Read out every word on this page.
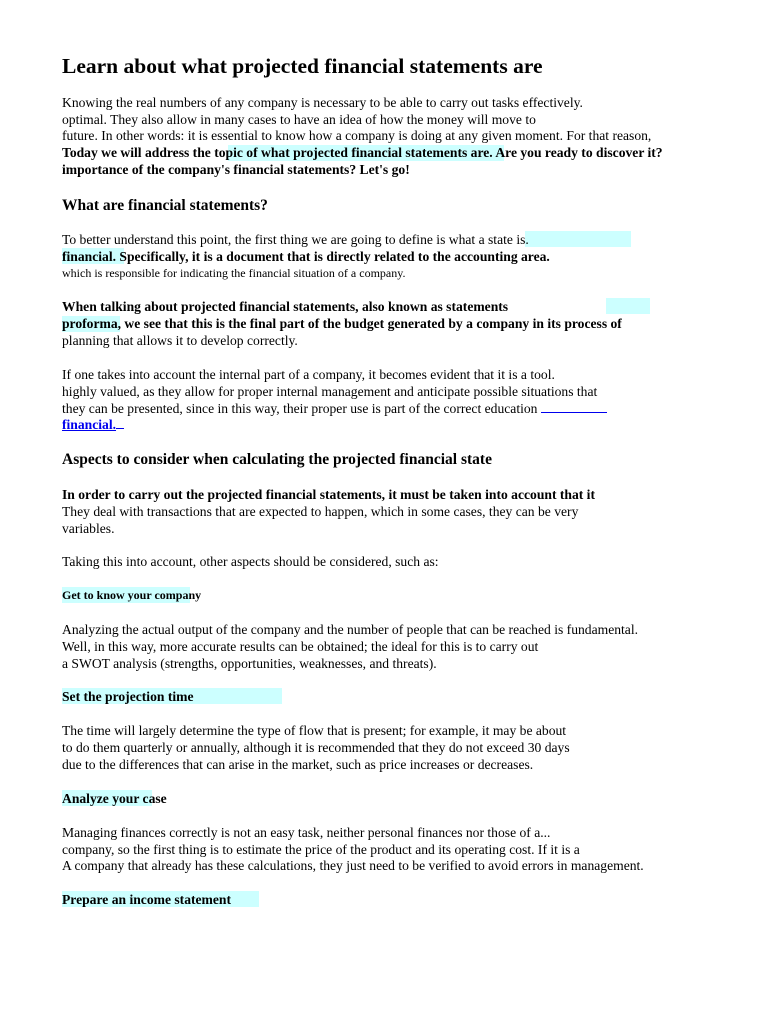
Learn about what projected financial statements are
Knowing the real numbers of any company is necessary to be able to carry out tasks effectively.
optimal. They also allow in many cases to have an idea of how the money will move to
future. In other words: it is essential to know how a company is doing at any given moment. For that reason,
Today we will address the topic of what projected financial statements are. Are you ready to discover it?
importance of the company's financial statements? Let's go!
What are financial statements?
To better understand this point, the first thing we are going to define is what a state is.
financial. Specifically, it is a document that is directly related to the accounting area.
which is responsible for indicating the financial situation of a company.
When talking about projected financial statements, also known as statements
proforma, we see that this is the final part of the budget generated by a company in its process of
planning that allows it to develop correctly.
If one takes into account the internal part of a company, it becomes evident that it is a tool.
highly valued, as they allow for proper internal management and anticipate possible situations that
they can be presented, since in this way, their proper use is part of the correct education
financial.
Aspects to consider when calculating the projected financial state
In order to carry out the projected financial statements, it must be taken into account that it
They deal with transactions that are expected to happen, which in some cases, they can be very
variables.
Taking this into account, other aspects should be considered, such as:
Get to know your company
Analyzing the actual output of the company and the number of people that can be reached is fundamental.
Well, in this way, more accurate results can be obtained; the ideal for this is to carry out
a SWOT analysis (strengths, opportunities, weaknesses, and threats).
Set the projection time
The time will largely determine the type of flow that is present; for example, it may be about
to do them quarterly or annually, although it is recommended that they do not exceed 30 days
due to the differences that can arise in the market, such as price increases or decreases.
Analyze your case
Managing finances correctly is not an easy task, neither personal finances nor those of a...
company, so the first thing is to estimate the price of the product and its operating cost. If it is a
A company that already has these calculations, they just need to be verified to avoid errors in management.
Prepare an income statement
